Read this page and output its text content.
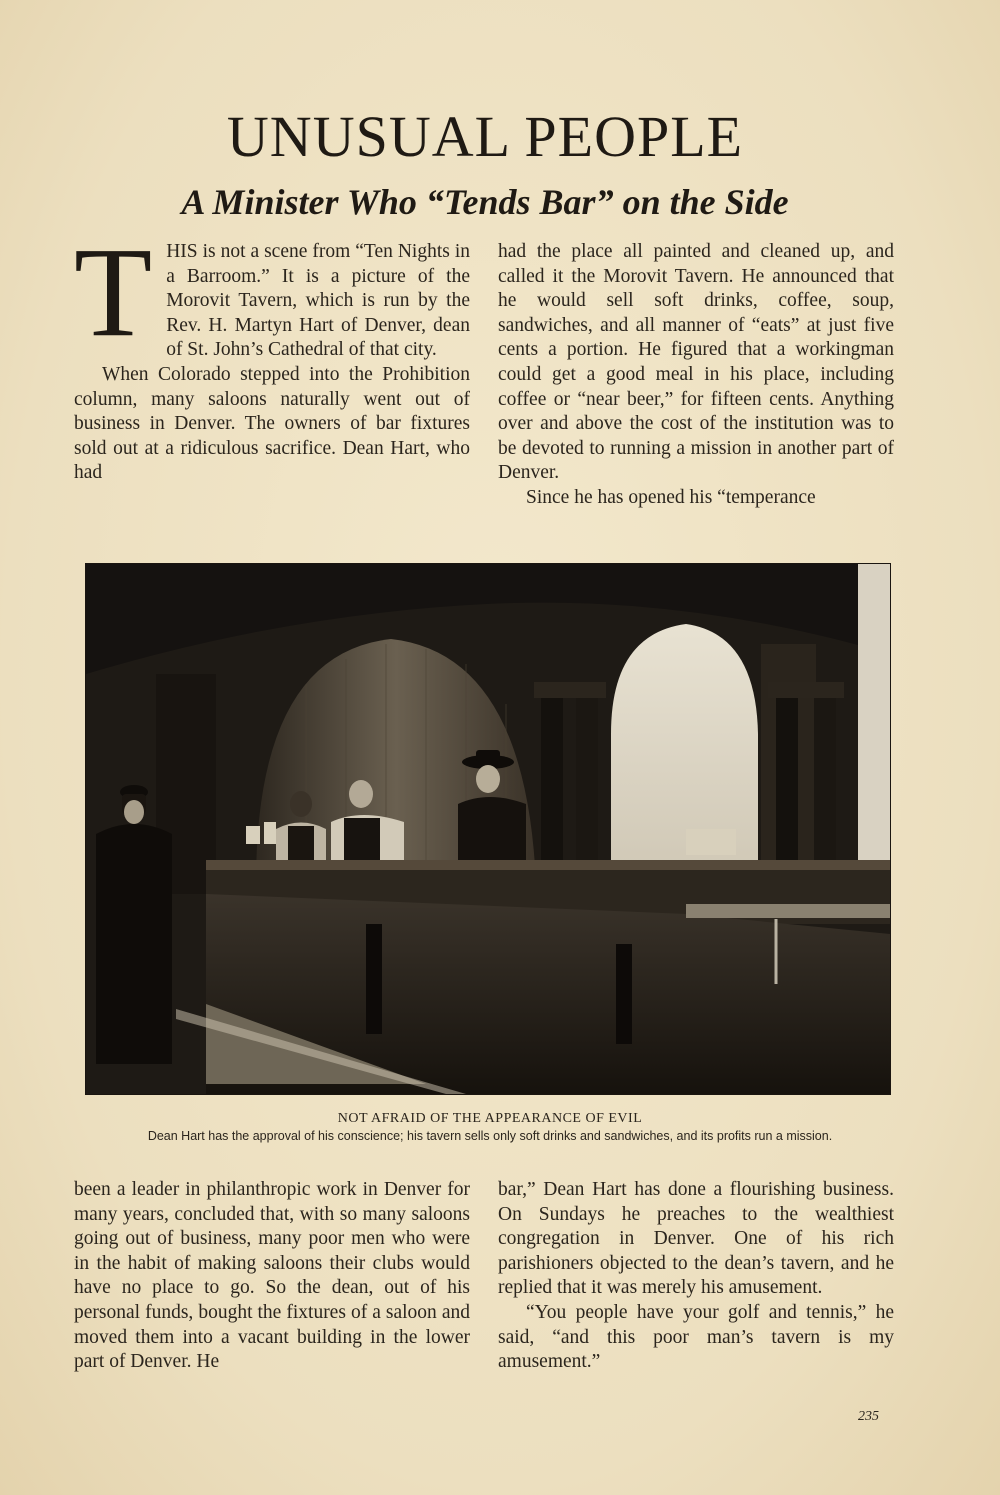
UNUSUAL PEOPLE
A Minister Who “Tends Bar” on the Side

THIS is not a scene from “Ten Nights in a Barroom.” It is a picture of the Morovit Tavern, which is run by the Rev. H. Martyn Hart of Denver, dean of St. John’s Cathedral of that city.

When Colorado stepped into the Prohibition column, many saloons naturally went out of business in Denver. The owners of bar fixtures sold out at a ridiculous sacrifice. Dean Hart, who had

had the place all painted and cleaned up, and called it the Morovit Tavern. He announced that he would sell soft drinks, coffee, soup, sandwiches, and all manner of “eats” at just five cents a portion. He figured that a workingman could get a good meal in his place, including coffee or “near beer,” for fifteen cents. Anything over and above the cost of the institution was to be devoted to running a mission in another part of Denver.

Since he has opened his “temperance

NOT AFRAID OF THE APPEARANCE OF EVIL
Dean Hart has the approval of his conscience; his tavern sells only soft drinks and sandwiches, and its profits run a mission.

been a leader in philanthropic work in Denver for many years, concluded that, with so many saloons going out of business, many poor men who were in the habit of making saloons their clubs would have no place to go. So the dean, out of his personal funds, bought the fixtures of a saloon and moved them into a vacant building in the lower part of Denver. He

bar,” Dean Hart has done a flourishing business. On Sundays he preaches to the wealthiest congregation in Denver. One of his rich parishioners objected to the dean’s tavern, and he replied that it was merely his amusement.

“You people have your golf and tennis,” he said, “and this poor man’s tavern is my amusement.”

235
